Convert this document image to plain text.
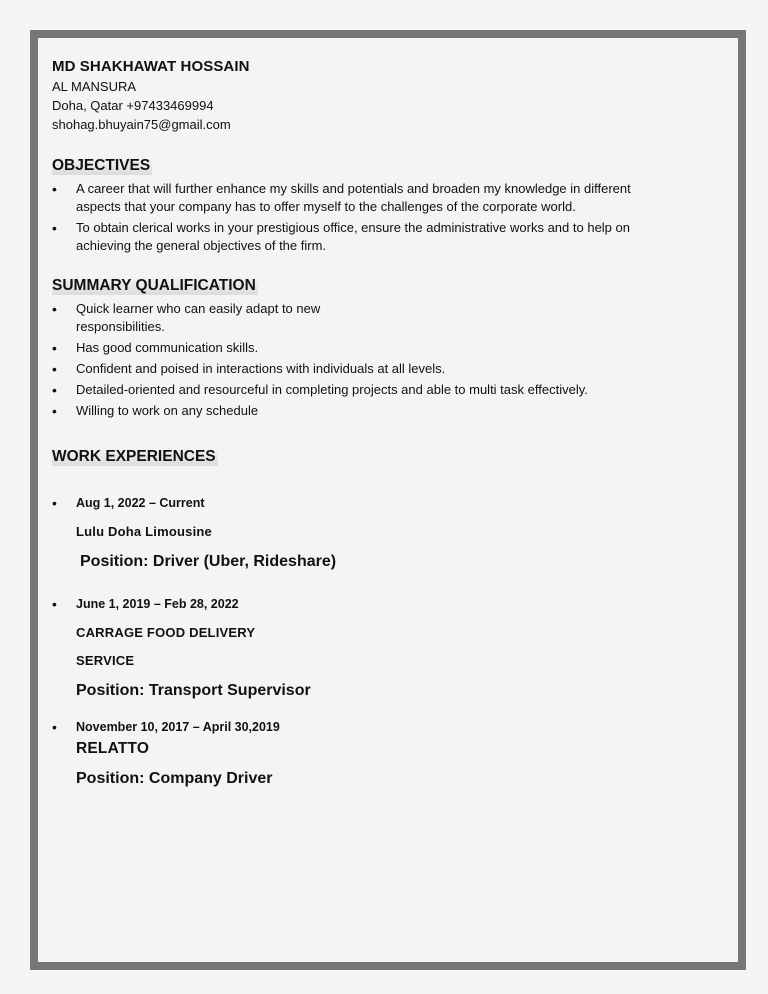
MD SHAKHAWAT HOSSAIN

AL MANSURA

Doha, Qatar +97433469994

shohag.bhuyain75@gmail.com

OBJECTIVES
• A career that will further enhance my skills and potentials and broaden my knowledge in different aspects that your company has to offer myself to the challenges of the corporate world.
• To obtain clerical works in your prestigious office, ensure the administrative works and to help on achieving the general objectives of the firm.
SUMMARY QUALIFICATION
• Quick learner who can easily adapt to new responsibilities.
• Has good communication skills.
• Confident and poised in interactions with individuals at all levels.
• Detailed-oriented and resourceful in completing projects and able to multi task effectively.
• Willing to work on any schedule
WORK EXPERIENCES

• Aug 1, 2022 – Current

Lulu Doha Limousine

Position: Driver (Uber, Rideshare)

• June 1, 2019 – Feb 28, 2022

CARRAGE FOOD DELIVERY

SERVICE

Position: Transport Supervisor

• November 10, 2017 – April 30,2019

RELATTO

Position: Company Driver
